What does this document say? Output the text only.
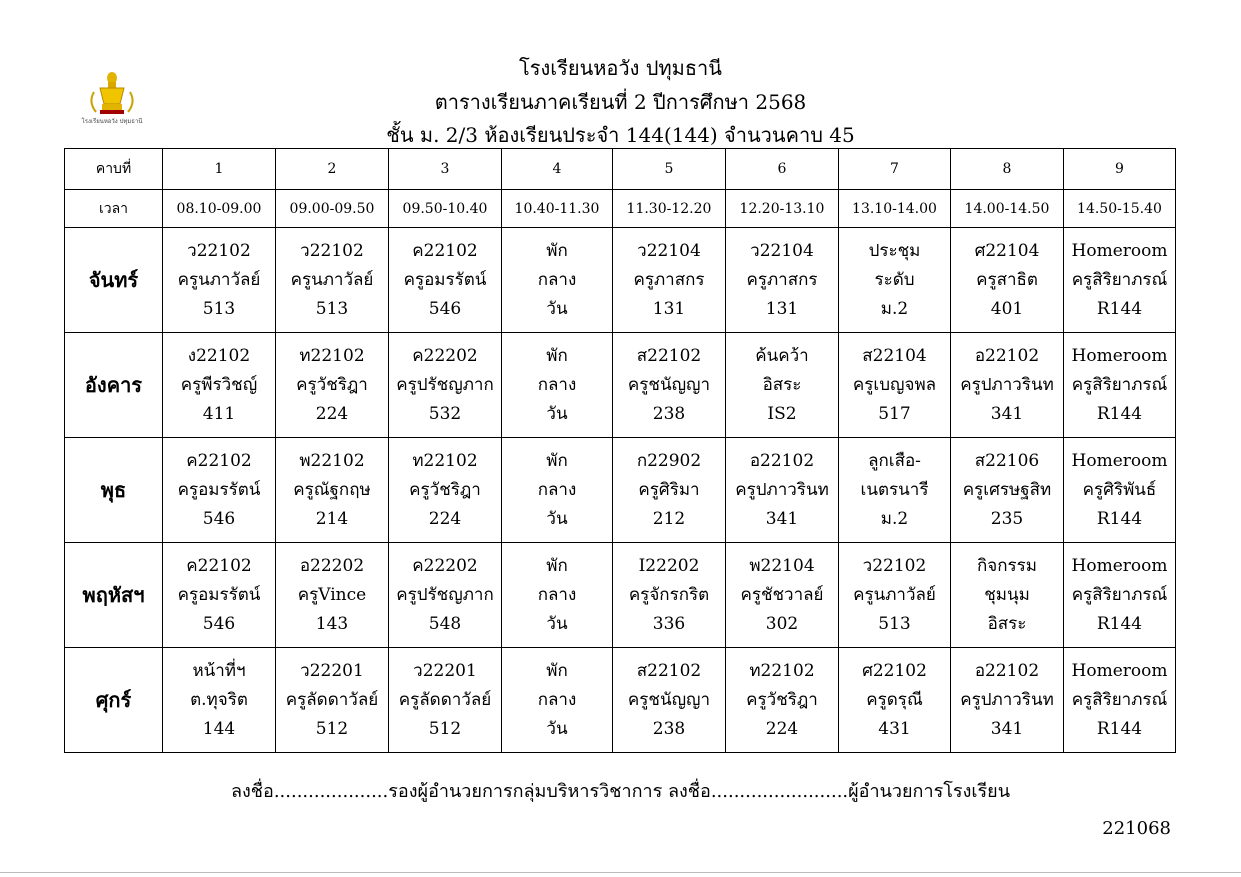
โรงเรียนหอวัง ปทุมธานี
โรงเรียนหอวัง ปทุมธานี
ตารางเรียนภาคเรียนที่ 2 ปีการศึกษา 2568
ชั้น ม. 2/3 ห้องเรียนประจำ 144(144) จำนวนคาบ 45
คาบที่	1	2	3	4	5	6	7	8	9
เวลา	08.10-09.00	09.00-09.50	09.50-10.40	10.40-11.30	11.30-12.20	12.20-13.10	13.10-14.00	14.00-14.50	14.50-15.40
จันทร์	ว22102
ครูนภาวัลย์
513	ว22102
ครูนภาวัลย์
513	ค22102
ครูอมรรัตน์
546	พัก
กลาง
วัน	ว22104
ครูภาสกร
131	ว22104
ครูภาสกร
131	ประชุม
ระดับ
ม.2	ศ22104
ครูสาธิต
401	Homeroom
ครูสิริยาภรณ์
R144

อังคาร	ง22102
ครูพีรวิชญ์
411	ท22102
ครูวัชริฎา
224	ค22202
ครูปรัชญภาก
532	พัก
กลาง
วัน	ส22102
ครูชนัญญา
238	ค้นคว้า
อิสระ
IS2	ส22104
ครูเบญจพล
517	อ22102
ครูปภาวรินท
341	Homeroom
ครูสิริยาภรณ์
R144

พุธ	ค22102
ครูอมรรัตน์
546	พ22102
ครูณัฐกฤษ
214	ท22102
ครูวัชริฎา
224	พัก
กลาง
วัน	ก22902
ครูศิริมา
212	อ22102
ครูปภาวรินท
341	ลูกเสือ-
เนตรนารี
ม.2	ส22106
ครูเศรษฐสิท
235	Homeroom
ครูศิริพันธ์
R144

พฤหัสฯ	ค22102
ครูอมรรัตน์
546	อ22202
ครูVince
143	ค22202
ครูปรัชญภาก
548	พัก
กลาง
วัน	I22202
ครูจักรกริต
336	พ22104
ครูชัชวาลย์
302	ว22102
ครูนภาวัลย์
513	กิจกรรม
ชุมนุม
อิสระ	Homeroom
ครูสิริยาภรณ์
R144

ศุกร์	หน้าที่ฯ
ต.ทุจริต
144	ว22201
ครูลัดดาวัลย์
512	ว22201
ครูลัดดาวัลย์
512	พัก
กลาง
วัน	ส22102
ครูชนัญญา
238	ท22102
ครูวัชริฎา
224	ศ22102
ครูดรุณี
431	อ22102
ครูปภาวรินท
341	Homeroom
ครูสิริยาภรณ์
R144
ลงชื่อ....................รองผู้อำนวยการกลุ่มบริหารวิชาการ ลงชื่อ........................ผู้อำนวยการโรงเรียน
221068
